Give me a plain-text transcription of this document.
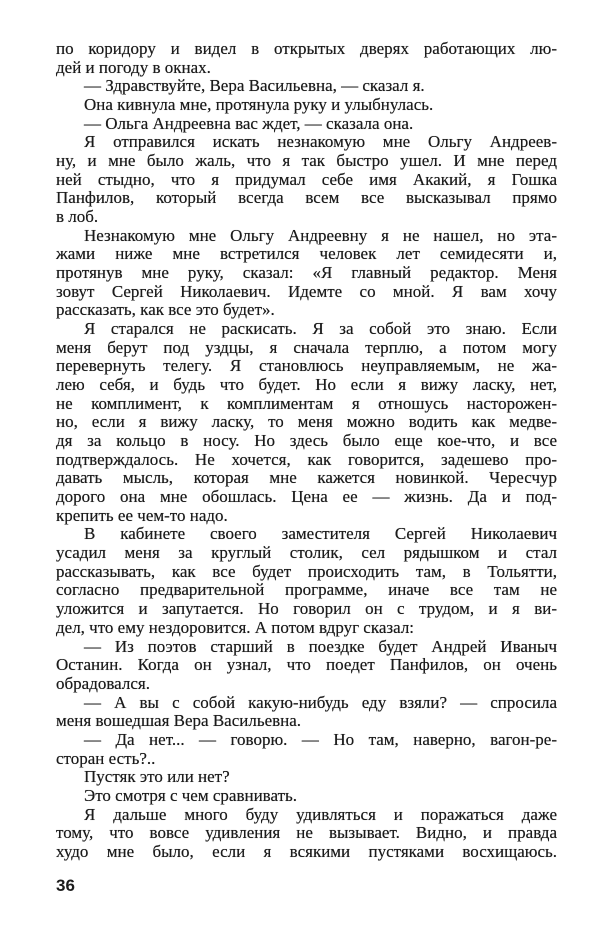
по коридору и видел в открытых дверях работающих лю-
дей и погоду в окнах.
— Здравствуйте, Вера Васильевна, — сказал я.
Она кивнула мне, протянула руку и улыбнулась.
— Ольга Андреевна вас ждет, — сказала она.
Я отправился искать незнакомую мне Ольгу Андреев-
ну, и мне было жаль, что я так быстро ушел. И мне перед
ней стыдно, что я придумал себе имя Акакий, я Гошка
Панфилов, который всегда всем все высказывал прямо
в лоб.
Незнакомую мне Ольгу Андреевну я не нашел, но эта-
жами ниже мне встретился человек лет семидесяти и,
протянув мне руку, сказал: «Я главный редактор. Меня
зовут Сергей Николаевич. Идемте со мной. Я вам хочу
рассказать, как все это будет».
Я старался не раскисать. Я за собой это знаю. Если
меня берут под уздцы, я сначала терплю, а потом могу
перевернуть телегу. Я становлюсь неуправляемым, не жа-
лею себя, и будь что будет. Но если я вижу ласку, нет,
не комплимент, к комплиментам я отношусь насторожен-
но, если я вижу ласку, то меня можно водить как медве-
дя за кольцо в носу. Но здесь было еще кое-что, и все
подтверждалось. Не хочется, как говорится, задешево про-
давать мысль, которая мне кажется новинкой. Чересчур
дорого она мне обошлась. Цена ее — жизнь. Да и под-
крепить ее чем-то надо.
В кабинете своего заместителя Сергей Николаевич
усадил меня за круглый столик, сел рядышком и стал
рассказывать, как все будет происходить там, в Тольятти,
согласно предварительной программе, иначе все там не
уложится и запутается. Но говорил он с трудом, и я ви-
дел, что ему нездоровится. А потом вдруг сказал:
— Из поэтов старший в поездке будет Андрей Иваныч
Останин. Когда он узнал, что поедет Панфилов, он очень
обрадовался.
— А вы с собой какую-нибудь еду взяли? — спросила
меня вошедшая Вера Васильевна.
— Да нет... — говорю. — Но там, наверно, вагон-ре-
сторан есть?..
Пустяк это или нет?
Это смотря с чем сравнивать.
Я дальше много буду удивляться и поражаться даже
тому, что вовсе удивления не вызывает. Видно, и правда
худо мне было, если я всякими пустяками восхищаюсь.
36
